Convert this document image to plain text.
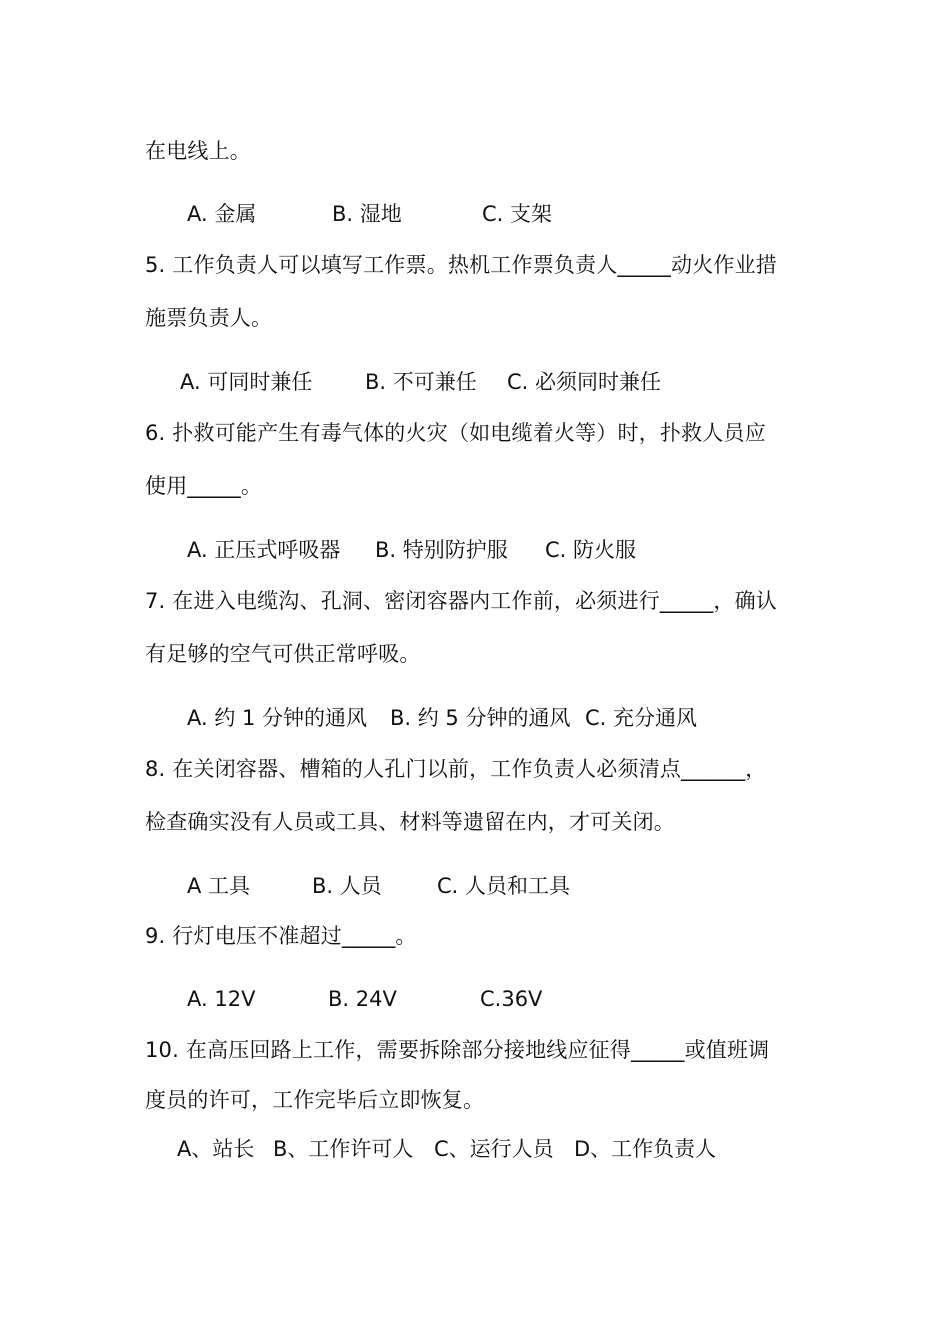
在电线上。
A. 金属	B. 湿地	C. 支架
5. 工作负责人可以填写工作票。热机工作票负责人_____动火作业措
施票负责人。
A. 可同时兼任	B. 不可兼任 C. 必须同时兼任
6. 扑救可能产生有毒气体的火灾（如电缆着火等）时，扑救人员应
使用_____。
A. 正压式呼吸器 B. 特别防护服 C. 防火服
7. 在进入电缆沟、孔洞、密闭容器内工作前，必须进行_____，确认
有足够的空气可供正常呼吸。
A. 约 1 分钟的通风 B. 约 5 分钟的通风 C. 充分通风
8. 在关闭容器、槽箱的人孔门以前，工作负责人必须清点______，
检查确实没有人员或工具、材料等遗留在内，才可关闭。
A 工具	B. 人员	C. 人员和工具
9. 行灯电压不准超过_____。
A. 12V	B. 24V	C.36V
10. 在高压回路上工作，需要拆除部分接地线应征得_____或值班调
度员的许可，工作完毕后立即恢复。
A、站长 B、工作许可人 C、运行人员 D、工作负责人
